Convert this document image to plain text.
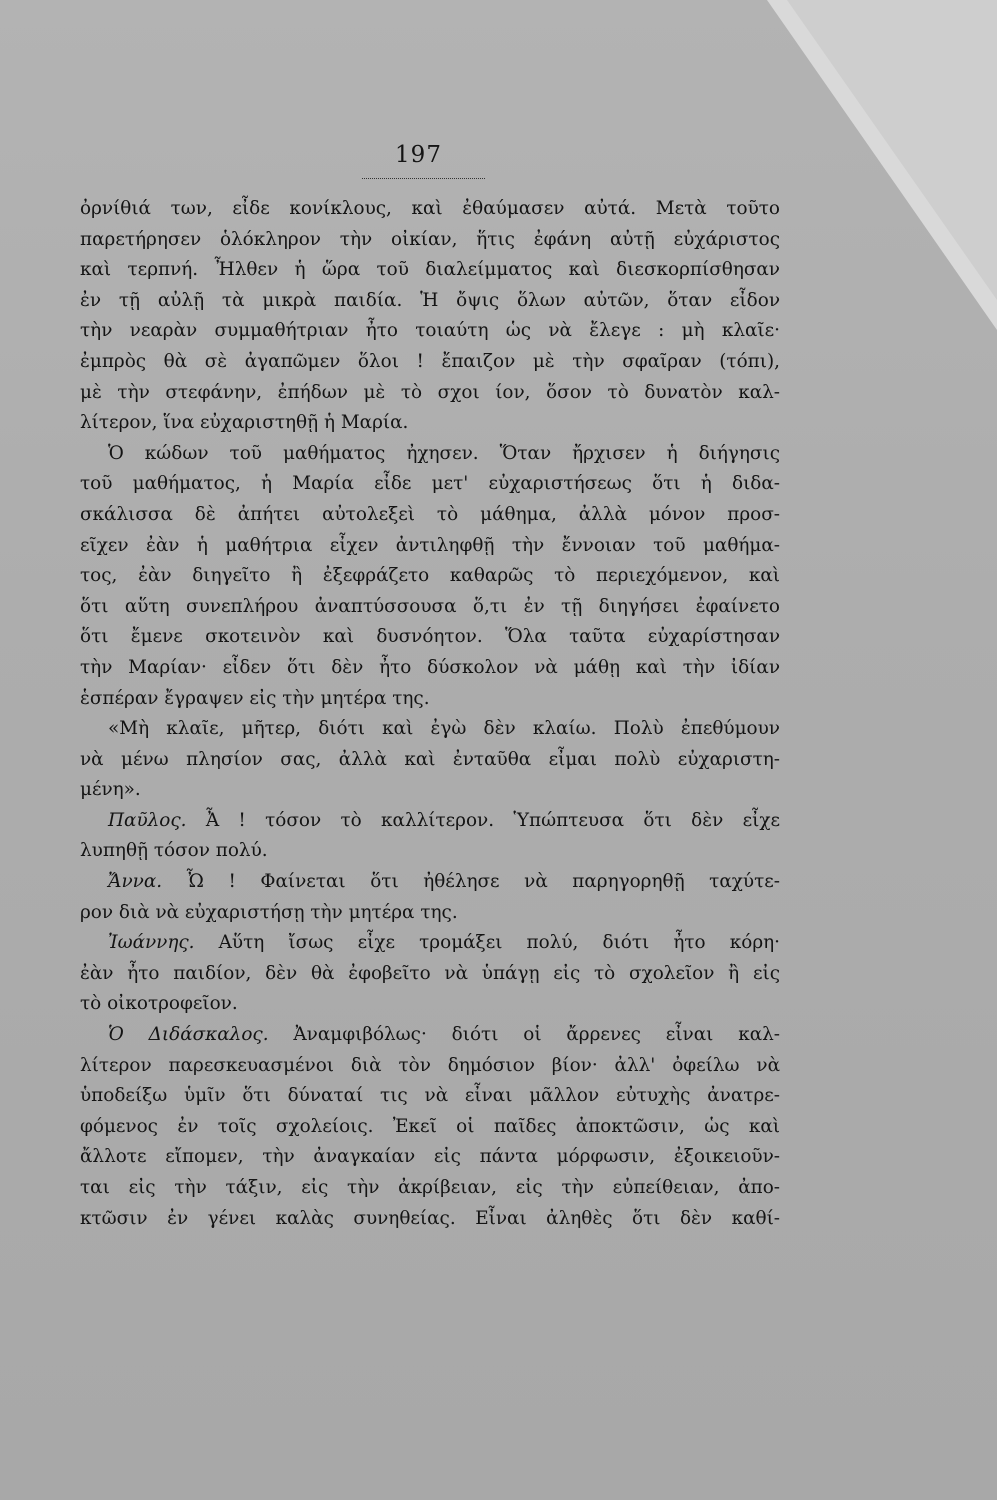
197
ὀρνίθιά των, εἶδε κονίκλους, καὶ ἐθαύμασεν αὐτά. Μετὰ τοῦτο
παρετήρησεν ὁλόκληρον τὴν οἰκίαν, ἥτις ἐφάνη αὐτῇ εὐχάριστος
καὶ τερπνή. Ἦλθεν ἡ ὥρα τοῦ διαλείμματος καὶ διεσκορπίσθησαν
ἐν τῇ αὐλῇ τὰ μικρὰ παιδία. Ἡ ὄψις ὅλων αὐτῶν, ὅταν εἶδον
τὴν νεαρὰν συμμαθήτριαν ἦτο τοιαύτη ὡς νὰ ἔλεγε : μὴ κλαῖε·
ἐμπρὸς θὰ σὲ ἀγαπῶμεν ὅλοι ! ἔπαιζον μὲ τὴν σφαῖραν (τόπι),
μὲ τὴν στεφάνην, ἐπήδων μὲ τὸ σχοι ίον, ὅσον τὸ δυνατὸν καλ-
λίτερον, ἵνα εὐχαριστηθῇ ἡ Μαρία.
Ὁ κώδων τοῦ μαθήματος ἠχησεν. Ὅταν ἤρχισεν ἡ διήγησις
τοῦ μαθήματος, ἡ Μαρία εἶδε μετ' εὐχαριστήσεως ὅτι ἡ διδα-
σκάλισσα δὲ ἀπήτει αὐτολεξεὶ τὸ μάθημα, ἀλλὰ μόνον προσ-
εῖχεν ἐὰν ἡ μαθήτρια εἶχεν ἀντιληφθῇ τὴν ἔννοιαν τοῦ μαθήμα-
τος, ἐὰν διηγεῖτο ἢ ἐξεφράζετο καθαρῶς τὸ περιεχόμενον, καὶ
ὅτι αὕτη συνεπλήρου ἀναπτύσσουσα ὅ,τι ἐν τῇ διηγήσει ἐφαίνετο
ὅτι ἔμενε σκοτεινὸν καὶ δυσνόητον. Ὅλα ταῦτα εὐχαρίστησαν
τὴν Μαρίαν· εἶδεν ὅτι δὲν ἦτο δύσκολον νὰ μάθῃ καὶ τὴν ἰδίαν
ἑσπέραν ἔγραψεν εἰς τὴν μητέρα της.
«Μὴ κλαῖε, μῆτερ, διότι καὶ ἐγὼ δὲν κλαίω. Πολὺ ἐπεθύμουν
νὰ μένω πλησίον σας, ἀλλὰ καὶ ἐνταῦθα εἶμαι πολὺ εὐχαριστη-
μένη».
Παῦλος. Ἆ ! τόσον τὸ καλλίτερον. Ὑπώπτευσα ὅτι δὲν εἶχε
λυπηθῇ τόσον πολύ.
Ἄννα. Ὦ ! Φαίνεται ὅτι ἠθέλησε νὰ παρηγορηθῇ ταχύτε-
ρον διὰ νὰ εὐχαριστήσῃ τὴν μητέρα της.
Ἰωάννης. Αὕτη ἴσως εἶχε τρομάξει πολύ, διότι ἦτο κόρη·
ἐὰν ἦτο παιδίον, δὲν θὰ ἐφοβεῖτο νὰ ὑπάγῃ εἰς τὸ σχολεῖον ἢ εἰς
τὸ οἰκοτροφεῖον.
Ὁ Διδάσκαλος. Ἀναμφιβόλως· διότι οἱ ἄρρενες εἶναι καλ-
λίτερον παρεσκευασμένοι διὰ τὸν δημόσιον βίον· ἀλλ' ὀφείλω νὰ
ὑποδείξω ὑμῖν ὅτι δύναταί τις νὰ εἶναι μᾶλλον εὐτυχὴς ἀνατρε-
φόμενος ἐν τοῖς σχολείοις. Ἐκεῖ οἱ παῖδες ἀποκτῶσιν, ὡς καὶ
ἄλλοτε εἴπομεν, τὴν ἀναγκαίαν εἰς πάντα μόρφωσιν, ἐξοικειοῦν-
ται εἰς τὴν τάξιν, εἰς τὴν ἀκρίβειαν, εἰς τὴν εὐπείθειαν, ἀπο-
κτῶσιν ἐν γένει καλὰς συνηθείας. Εἶναι ἀληθὲς ὅτι δὲν καθί-
